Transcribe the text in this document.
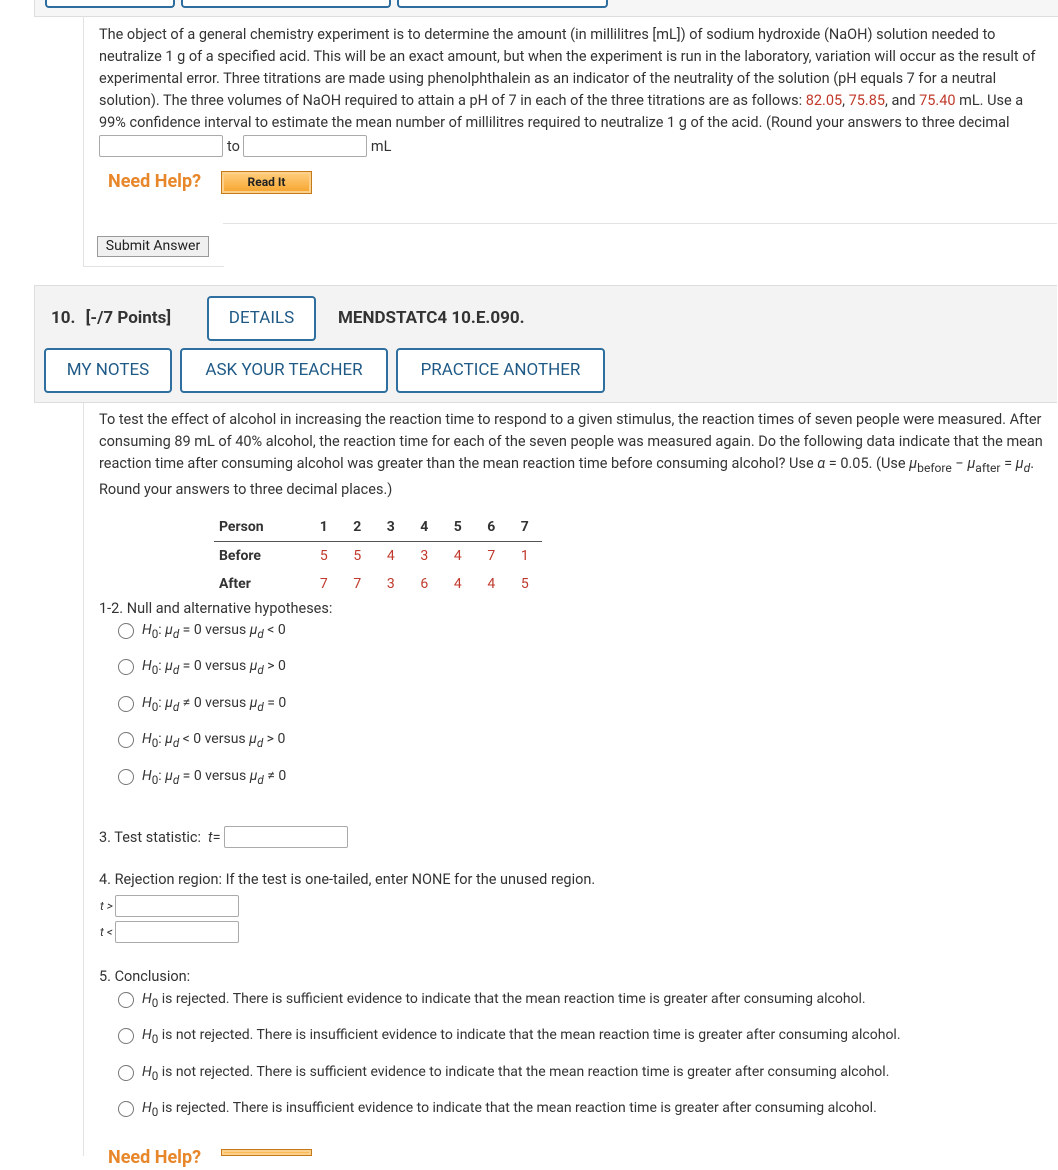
The object of a general chemistry experiment is to determine the amount (in millilitres [mL]) of sodium hydroxide (NaOH) solution needed to neutralize 1 g of a specified acid. This will be an exact amount, but when the experiment is run in the laboratory, variation will occur as the result of experimental error. Three titrations are made using phenolphthalein as an indicator of the neutrality of the solution (pH equals 7 for a neutral solution). The three volumes of NaOH required to attain a pH of 7 in each of the three titrations are as follows: 82.05, 75.85, and 75.40 mL. Use a 99% confidence interval to estimate the mean number of millilitres required to neutralize 1 g of the acid. (Round your answers to three decimal
to	mL
Need Help?	Read It
Submit Answer
10. [-/7 Points]	DETAILS	MENDSTATC4 10.E.090.
MY NOTES	ASK YOUR TEACHER	PRACTICE ANOTHER
To test the effect of alcohol in increasing the reaction time to respond to a given stimulus, the reaction times of seven people were measured. After consuming 89 mL of 40% alcohol, the reaction time for each of the seven people was measured again. Do the following data indicate that the mean reaction time after consuming alcohol was greater than the mean reaction time before consuming alcohol? Use α = 0.05. (Use $\mu_{before} - \mu_{after} = \mu_d$. Round your answers to three decimal places.)
Person	1	2	3	4	5	6	7
Before	5	5	4	3	4	7	1
After	7	7	3	6	4	4	5
1-2. Null and alternative hypotheses:
$H_0$: $\mu_d = 0$ versus $\mu_d < 0$
$H_0$: $\mu_d = 0$ versus $\mu_d > 0$
$H_0$: $\mu_d \ne 0$ versus $\mu_d = 0$
$H_0$: $\mu_d < 0$ versus $\mu_d > 0$
$H_0$: $\mu_d = 0$ versus $\mu_d \ne 0$
3. Test statistic: t =
4. Rejection region: If the test is one-tailed, enter NONE for the unused region.
t >
t <
5. Conclusion:
$H_0$ is rejected. There is sufficient evidence to indicate that the mean reaction time is greater after consuming alcohol.
$H_0$ is not rejected. There is insufficient evidence to indicate that the mean reaction time is greater after consuming alcohol.
$H_0$ is not rejected. There is sufficient evidence to indicate that the mean reaction time is greater after consuming alcohol.
$H_0$ is rejected. There is insufficient evidence to indicate that the mean reaction time is greater after consuming alcohol.
Need Help?
